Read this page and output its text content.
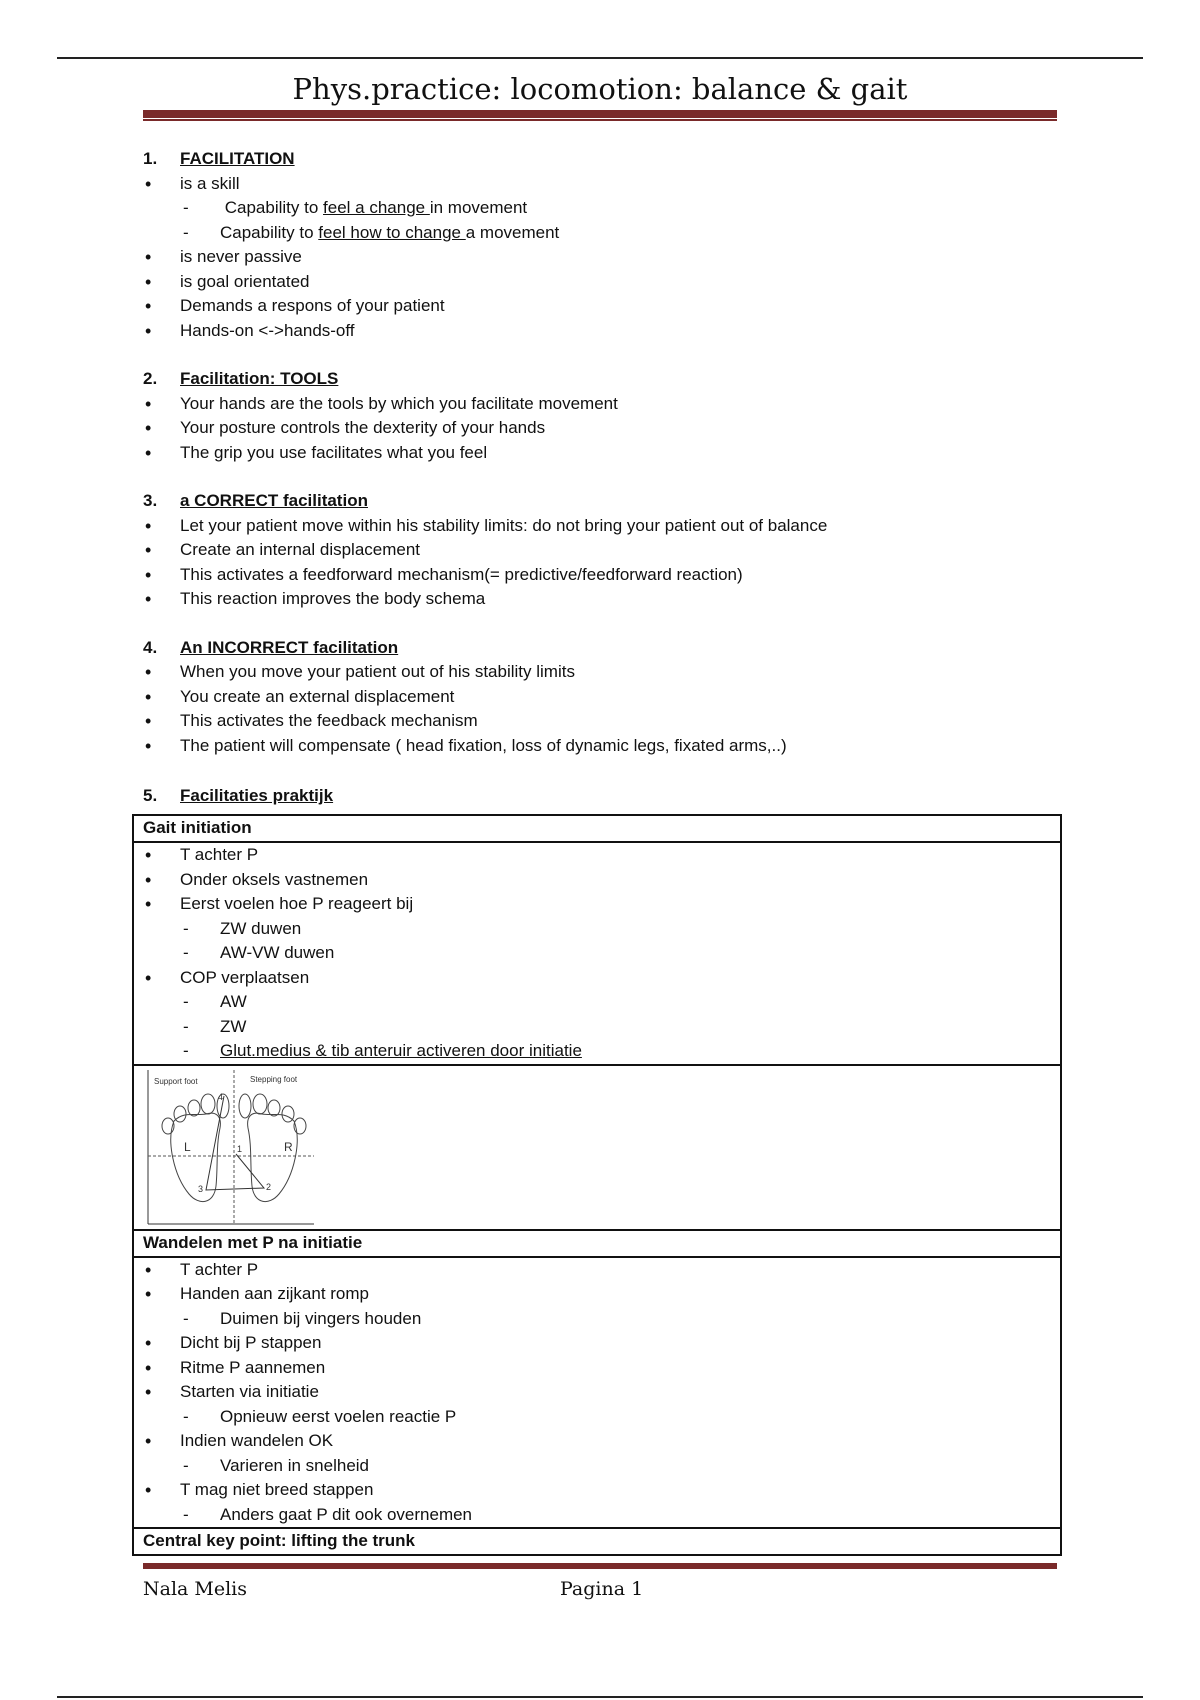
Phys.practice: locomotion: balance & gait
1.	FACILITATION
•	is a skill
-	Capability to feel a change in movement
-	Capability to feel how to change a movement
•	is never passive
•	is goal orientated
•	Demands a respons of your patient
•	Hands-on <->hands-off
2.	Facilitation: TOOLS
•	Your hands are the tools by which you facilitate movement
•	Your posture controls the dexterity of your hands
•	The grip you use facilitates what you feel
3.	a CORRECT facilitation
•	Let your patient move within his stability limits: do not bring your patient out of balance
•	Create an internal displacement
•	This activates a feedforward mechanism(= predictive/feedforward reaction)
•	This reaction improves the body schema
4.	An INCORRECT facilitation
•	When you move your patient out of his stability limits
•	You create an external displacement
•	This activates the feedback mechanism
•	The patient will compensate ( head fixation, loss of dynamic legs, fixated arms,..)
5.	Facilitaties praktijk
Gait initiation
•	T achter P
•	Onder oksels vastnemen
•	Eerst voelen hoe P reageert bij
-	ZW duwen
-	AW-VW duwen
•	COP verplaatsen
-	AW
-	ZW
-	Glut.medius & tib anteruir activeren door initiatie
Support foot	Stepping foot
L	R
1
2
3
4
Wandelen met P na initiatie
•	T achter P
•	Handen aan zijkant romp
-	Duimen bij vingers houden
•	Dicht bij P stappen
•	Ritme P aannemen
•	Starten via initiatie
-	Opnieuw eerst voelen reactie P
•	Indien wandelen OK
-	Varieren in snelheid
•	T mag niet breed stappen
-	Anders gaat P dit ook overnemen
Central key point: lifting the trunk
Nala Melis	Pagina 1
